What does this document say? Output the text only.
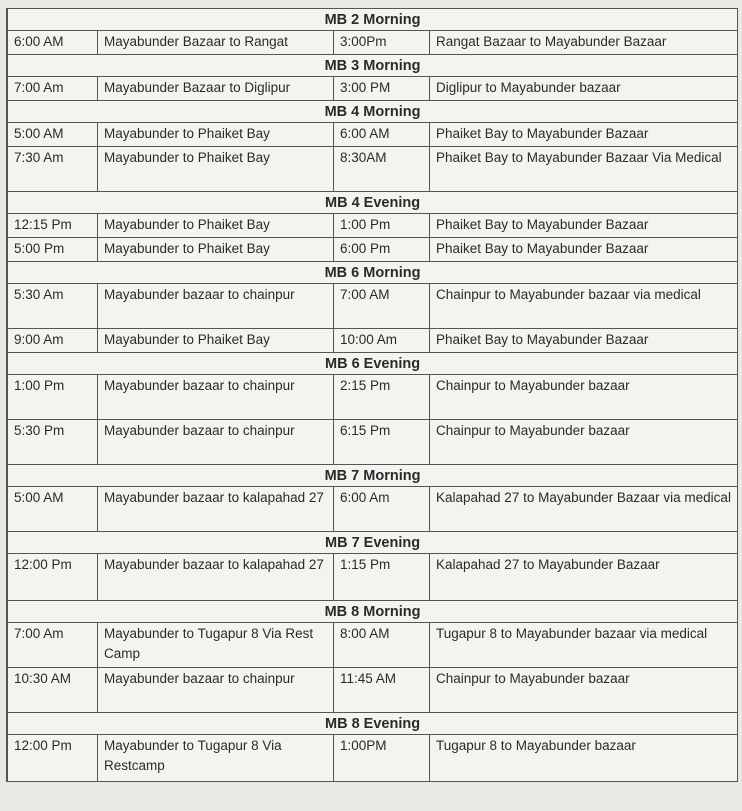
MB 2 Morning			
6:00 AM	Mayabunder Bazaar to Rangat	3:00Pm	Rangat Bazaar to Mayabunder Bazaar
MB 3 Morning			
7:00 Am	Mayabunder Bazaar to Diglipur	3:00 PM	Diglipur to Mayabunder bazaar
MB 4 Morning			
5:00 AM	Mayabunder to Phaiket Bay	6:00 AM	Phaiket Bay to Mayabunder Bazaar
7:30 Am	Mayabunder to Phaiket Bay	8:30AM	Phaiket Bay to Mayabunder Bazaar Via Medical
MB 4 Evening			
12:15 Pm	Mayabunder to Phaiket Bay	1:00 Pm	Phaiket Bay to Mayabunder Bazaar
5:00 Pm	Mayabunder to Phaiket Bay	6:00 Pm	Phaiket Bay to Mayabunder Bazaar
MB 6 Morning			
5:30 Am	Mayabunder bazaar to chainpur	7:00 AM	Chainpur to Mayabunder bazaar via medical
9:00 Am	Mayabunder to Phaiket Bay	10:00 Am	Phaiket Bay to Mayabunder Bazaar
MB 6 Evening			
1:00 Pm	Mayabunder bazaar to chainpur	2:15 Pm	Chainpur to Mayabunder bazaar
5:30 Pm	Mayabunder bazaar to chainpur	6:15 Pm	Chainpur to Mayabunder bazaar
MB 7 Morning			
5:00 AM	Mayabunder bazaar to kalapahad 27	6:00 Am	Kalapahad 27 to Mayabunder Bazaar via medical
MB 7 Evening			
12:00 Pm	Mayabunder bazaar to kalapahad 27	1:15 Pm	Kalapahad 27 to Mayabunder Bazaar
MB 8 Morning			
7:00 Am	Mayabunder to Tugapur 8 Via Rest Camp	8:00 AM	Tugapur 8 to Mayabunder bazaar via medical
10:30 AM	Mayabunder bazaar to chainpur	11:45 AM	Chainpur to Mayabunder bazaar
MB 8 Evening			
12:00 Pm	Mayabunder to Tugapur 8 Via Restcamp	1:00PM	Tugapur 8 to Mayabunder bazaar
